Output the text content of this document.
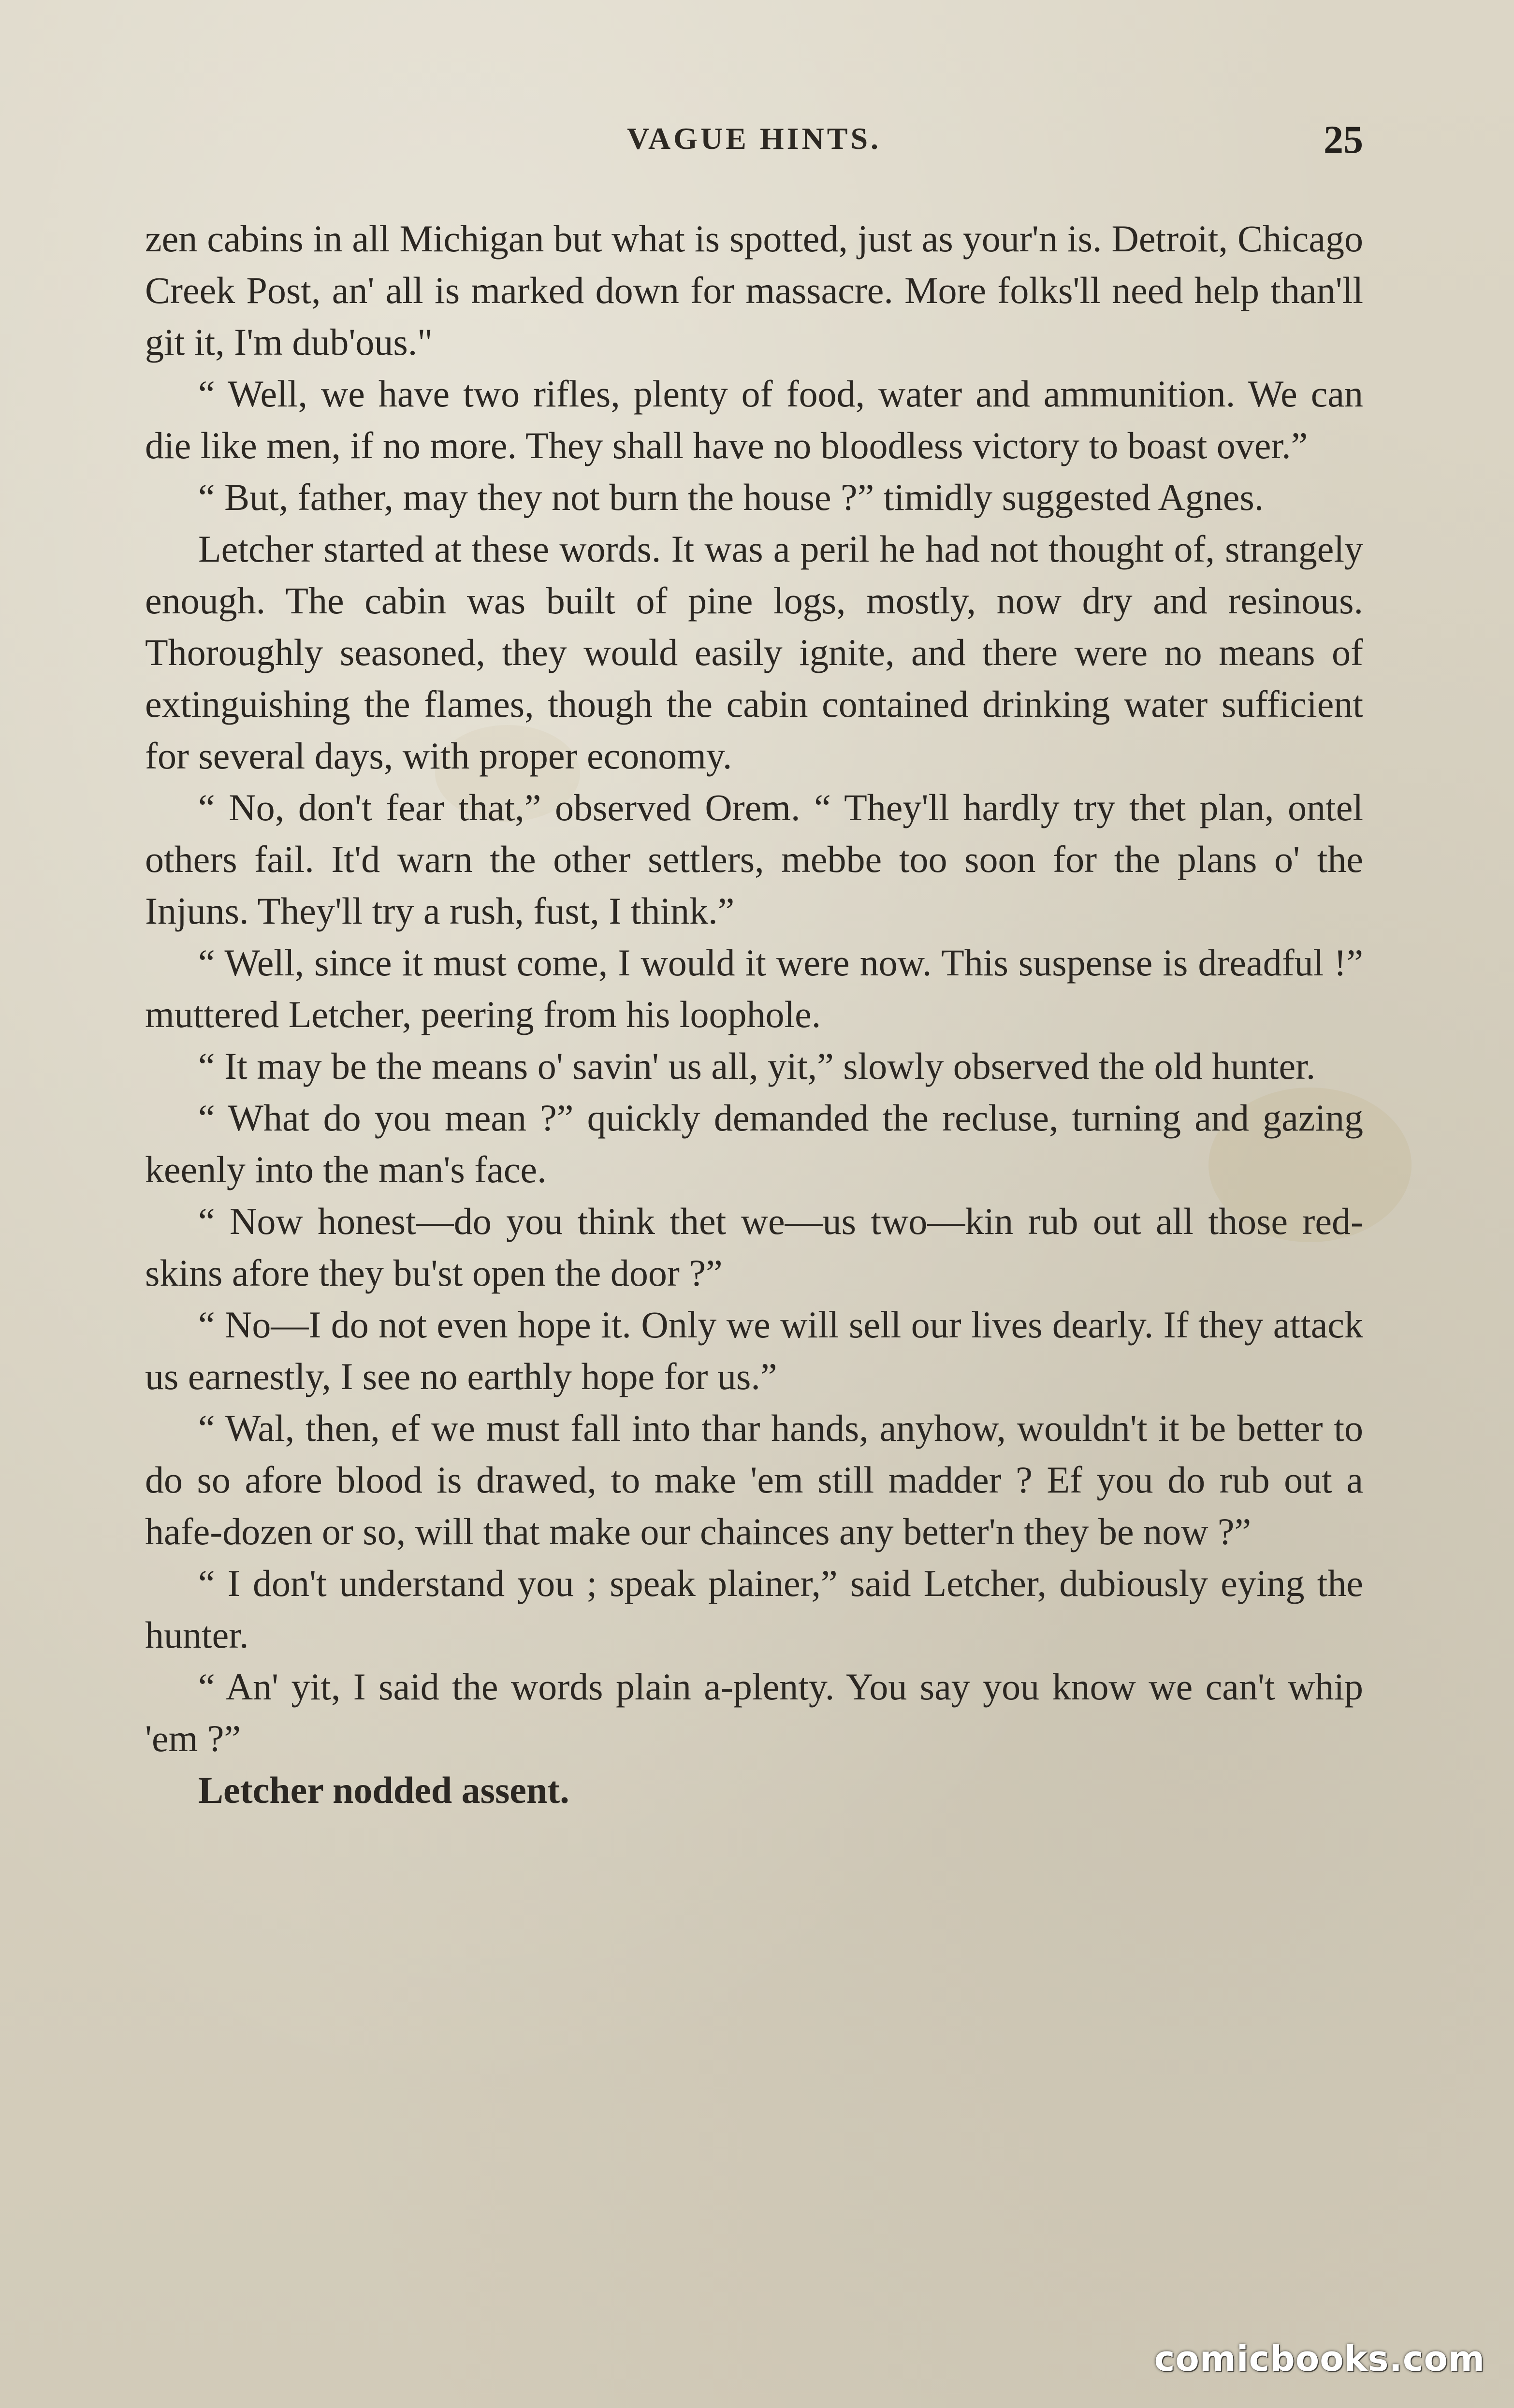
VAGUE HINTS.	25

zen cabins in all Michigan but what is spotted, just as your'n is. Detroit, Chicago Creek Post, an' all is marked down for massacre. More folks'll need help than'll git it, I'm dub'ous."

“ Well, we have two rifles, plenty of food, water and ammunition. We can die like men, if no more. They shall have no bloodless victory to boast over.”

“ But, father, may they not burn the house ?” timidly suggested Agnes.

Letcher started at these words. It was a peril he had not thought of, strangely enough. The cabin was built of pine logs, mostly, now dry and resinous. Thoroughly seasoned, they would easily ignite, and there were no means of extinguishing the flames, though the cabin contained drinking water sufficient for several days, with proper economy.

“ No, don't fear that,” observed Orem. “ They'll hardly try thet plan, ontel others fail. It'd warn the other settlers, mebbe too soon for the plans o' the Injuns. They'll try a rush, fust, I think.”

“ Well, since it must come, I would it were now. This suspense is dreadful !” muttered Letcher, peering from his loophole.

“ It may be the means o' savin' us all, yit,” slowly observed the old hunter.

“ What do you mean ?” quickly demanded the recluse, turning and gazing keenly into the man's face.

“ Now honest—do you think thet we—us two—kin rub out all those red-skins afore they bu'st open the door ?”

“ No—I do not even hope it. Only we will sell our lives dearly. If they attack us earnestly, I see no earthly hope for us.”

“ Wal, then, ef we must fall into thar hands, anyhow, wouldn't it be better to do so afore blood is drawed, to make 'em still madder ? Ef you do rub out a hafe-dozen or so, will that make our chainces any better'n they be now ?”

“ I don't understand you ; speak plainer,” said Letcher, dubiously eying the hunter.

“ An' yit, I said the words plain a-plenty. You say you know we can't whip 'em ?”

Letcher nodded assent.

comicbooks.com
